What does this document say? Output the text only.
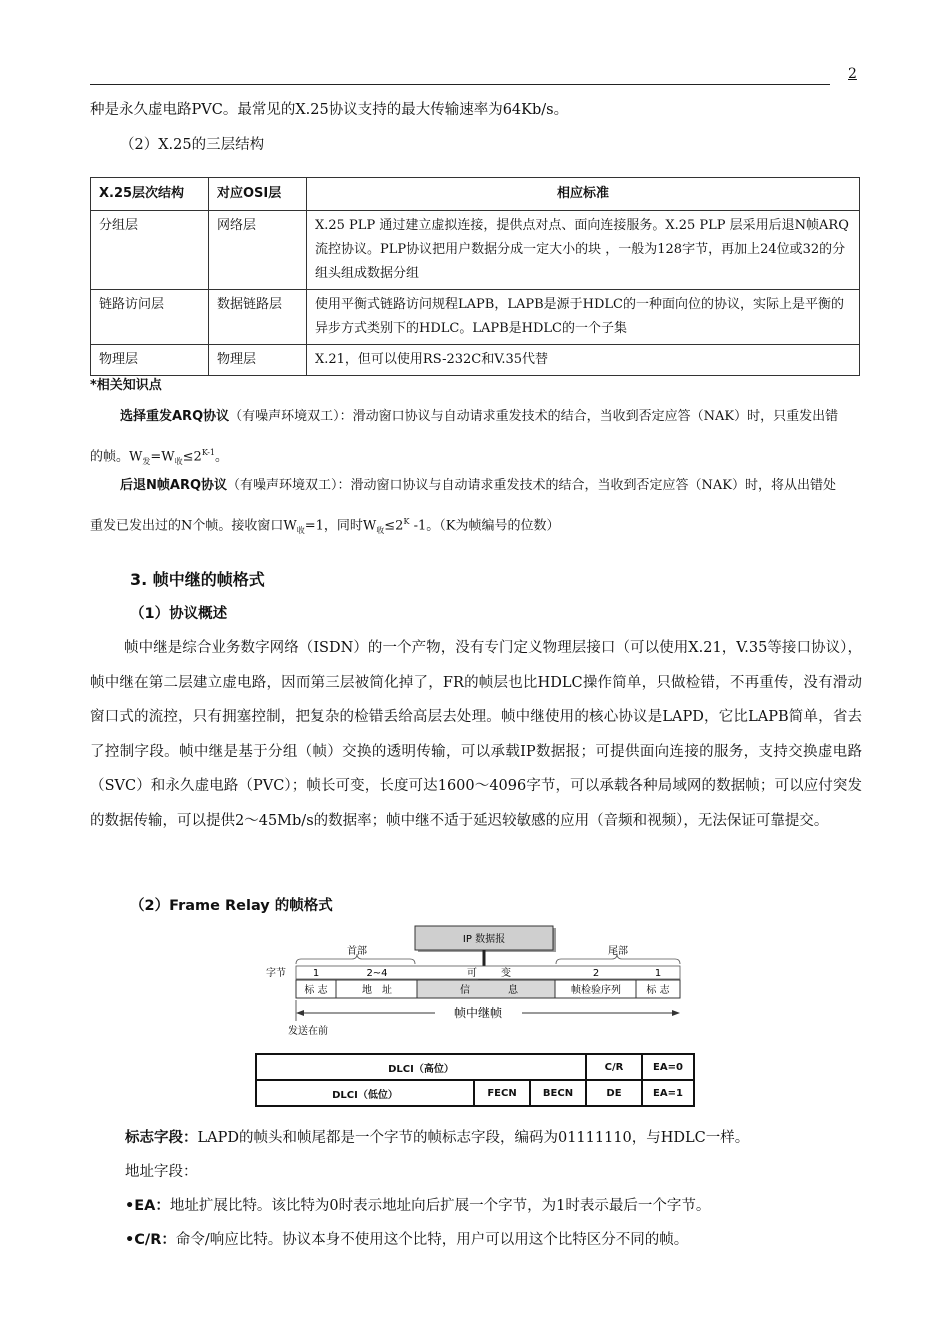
2
种是永久虚电路PVC。最常见的X.25协议支持的最大传输速率为64Kb/s。
（2）X.25的三层结构
X.25层次结构	对应OSI层	相应标准
分组层	网络层	X.25 PLP 通过建立虚拟连接，提供点对点、面向连接服务。X.25 PLP 层采用后退N帧ARQ流控协议。PLP协议把用户数据分成一定大小的块 ，一般为128字节，再加上24位或32的分组头组成数据分组
链路访问层	数据链路层	使用平衡式链路访问规程LAPB，LAPB是源于HDLC的一种面向位的协议，实际上是平衡的异步方式类别下的HDLC。LAPB是HDLC的一个子集
物理层	物理层	X.21，但可以使用RS-232C和V.35代替
*相关知识点
选择重发ARQ协议（有噪声环境双工）：滑动窗口协议与自动请求重发技术的结合，当收到否定应答（NAK）时，只重发出错
的帧。$W_发=W_收\le 2^{K-1}$。
后退N帧ARQ协议（有噪声环境双工）：滑动窗口协议与自动请求重发技术的结合，当收到否定应答（NAK）时，将从出错处
重发已发出过的N个帧。接收窗口$W_收=1$，同时$W_收\le 2^K$ -1。（K为帧编号的位数）
3. 帧中继的帧格式
（1）协议概述
帧中继是综合业务数字网络（ISDN）的一个产物，没有专门定义物理层接口（可以使用X.21，V.35等接口协议），帧中继在第二层建立虚电路，因而第三层被简化掉了，FR的帧层也比HDLC操作简单，只做检错，不再重传，没有滑动窗口式的流控，只有拥塞控制，把复杂的检错丢给高层去处理。帧中继使用的核心协议是LAPD，它比LAPB简单，省去了控制字段。帧中继是基于分组（帧）交换的透明传输，可以承载IP数据报；可提供面向连接的服务，支持交换虚电路（SVC）和永久虚电路（PVC）；帧长可变，长度可达1600～4096字节，可以承载各种局域网的数据帧；可以应付突发的数据传输，可以提供2～45Mb/s的数据率；帧中继不适于延迟较敏感的应用（音频和视频），无法保证可靠提交。
（2）Frame Relay 的帧格式
IP 数据报
首部	尾部
字节	1	2~4	可 变	2	1
标 志	地　址	信	息	帧检验序列	标 志
帧中继帧
发送在前
DLCI（高位）			C/R	EA=0
DLCI（低位）	FECN	BECN	DE	EA=1
标志字段：LAPD的帧头和帧尾都是一个字节的帧标志字段，编码为01111110，与HDLC一样。
地址字段：
•EA：地址扩展比特。该比特为0时表示地址向后扩展一个字节，为1时表示最后一个字节。
•C/R：命令/响应比特。协议本身不使用这个比特，用户可以用这个比特区分不同的帧。
